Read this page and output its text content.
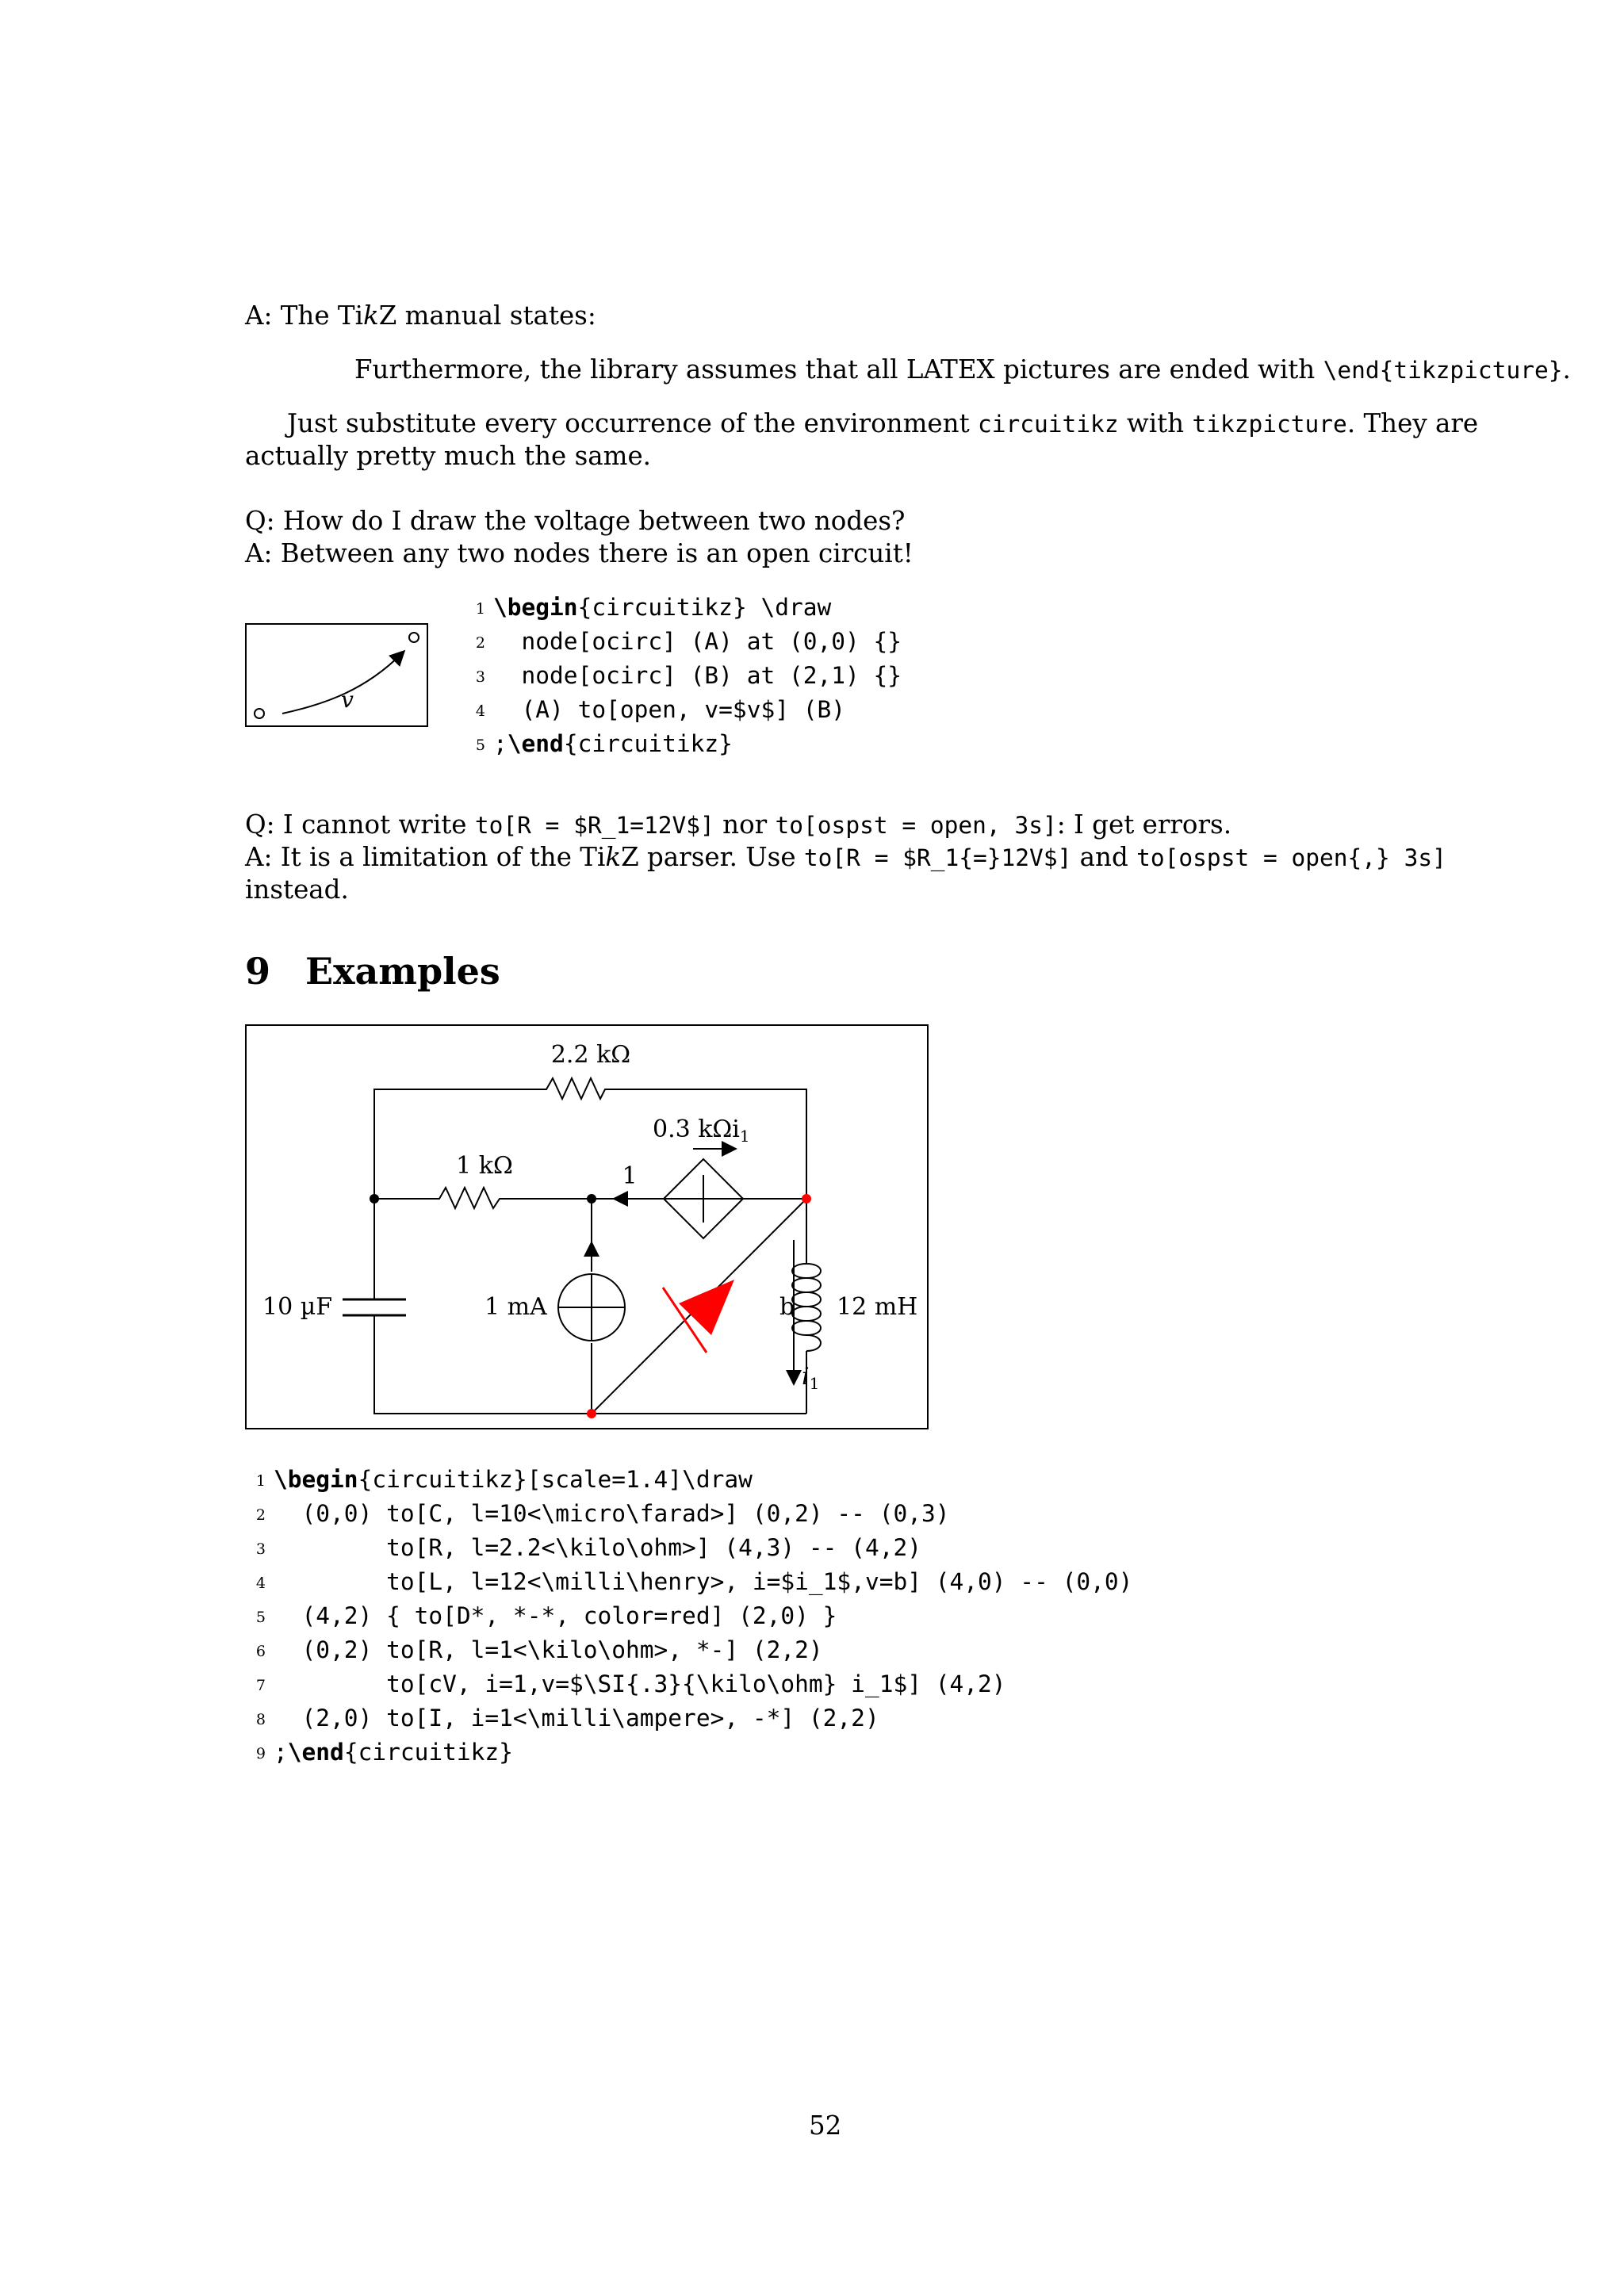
A: The TikZ manual states:
Furthermore, the library assumes that all LATEX pictures are ended with \end{tikzpicture}.
Just substitute every occurrence of the environment circuitikz with tikzpicture. They are
actually pretty much the same.
Q: How do I draw the voltage between two nodes?
A: Between any two nodes there is an open circuit!
v
1 \begin{circuitikz} \draw
2  node[ocirc] (A) at (0,0) {}
3  node[ocirc] (B) at (2,1) {}
4  (A) to[open, v=$v$] (B)
5 ;\end{circuitikz}
Q: I cannot write to[R = $R_1=12V$] nor to[ospst = open, 3s]: I get errors.
A: It is a limitation of the TikZ parser. Use to[R = $R_1{=}12V$] and to[ospst = open{,} 3s]
instead.
9 Examples
2.2 kΩ
0.3 kΩi$_1$
1 kΩ	1
10 µF	1 mA	b 12 mH
$i_1$
1 \begin{circuitikz}[scale=1.4]\draw
2  (0,0) to[C, l=10<\micro\farad>] (0,2) -- (0,3)
3        to[R, l=2.2<\kilo\ohm>] (4,3) -- (4,2)
4        to[L, l=12<\milli\henry>, i=$i_1$,v=b] (4,0) -- (0,0)
5  (4,2) { to[D*, *-*, color=red] (2,0) }
6  (0,2) to[R, l=1<\kilo\ohm>, *-] (2,2)
7        to[cV, i=1,v=$\SI{.3}{\kilo\ohm} i_1$] (4,2)
8  (2,0) to[I, i=1<\milli\ampere>, -*] (2,2)
9 ;\end{circuitikz}
52
